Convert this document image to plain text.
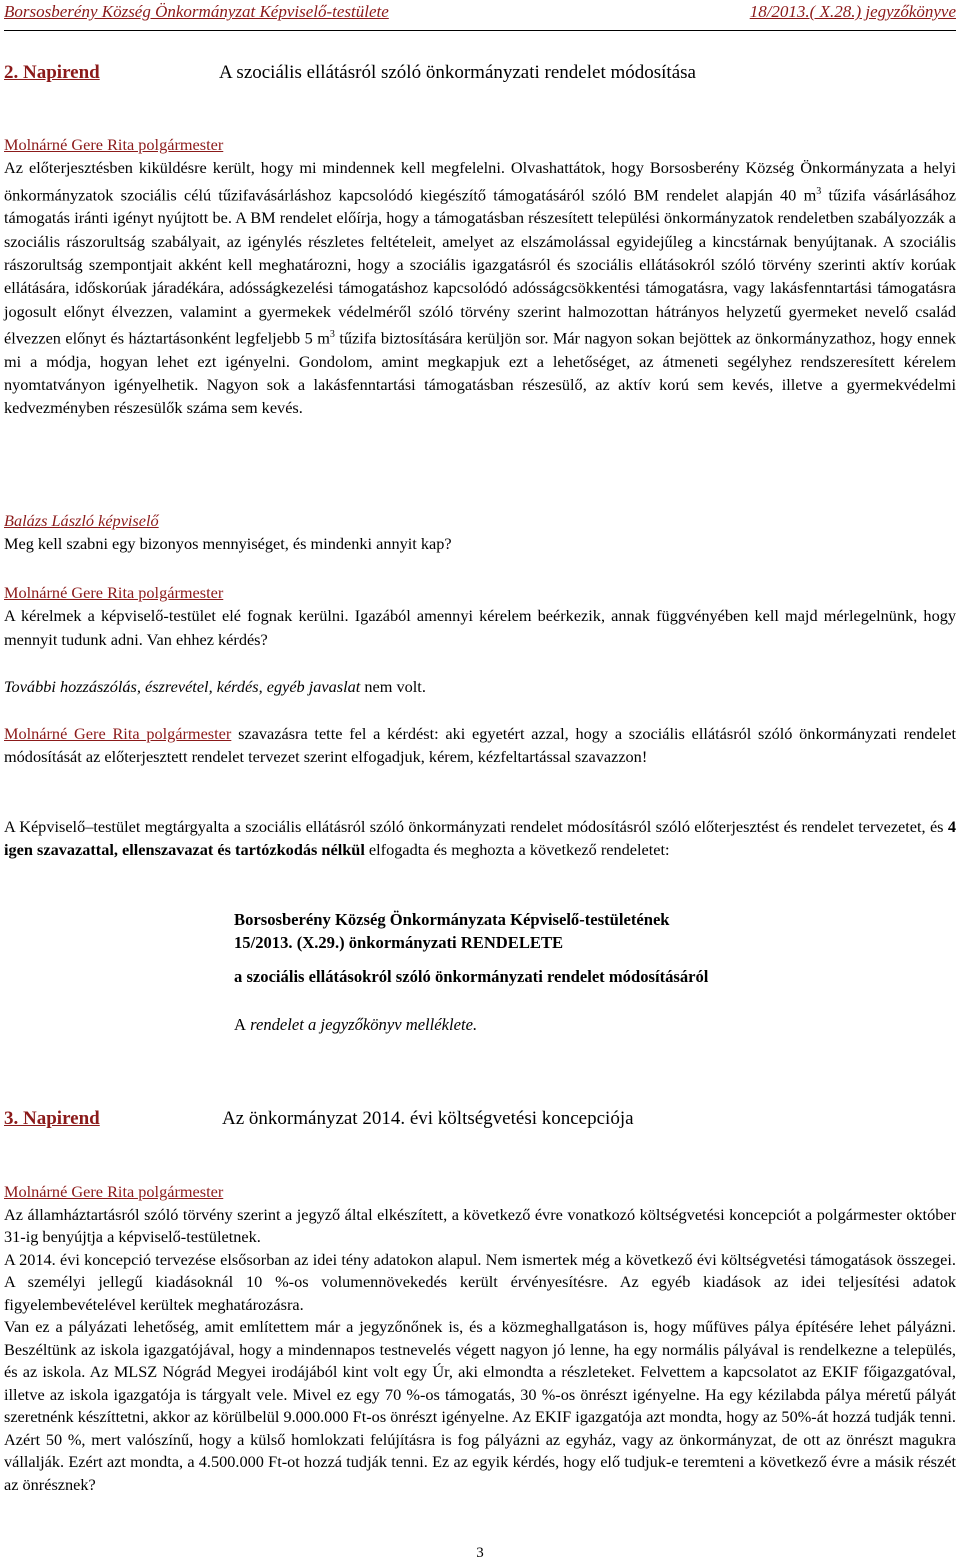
Borsosberény Község Önkormányzat Képviselő-testülete	18/2013.( X.28.) jegyzőkönyve
2. Napirend	A szociális ellátásról szóló önkormányzati rendelet módosítása

Molnárné Gere Rita polgármester

Az előterjesztésben kiküldésre került, hogy mi mindennek kell megfelelni. Olvashattátok, hogy Borsosberény Község Önkormányzata a helyi önkormányzatok szociális célú tűzifavásárláshoz kapcsolódó kiegészítő támogatásáról szóló BM rendelet alapján 40 $m^3$ tűzifa vásárlásához támogatás iránti igényt nyújtott be. A BM rendelet előírja, hogy a támogatásban részesített települési önkormányzatok rendeletben szabályozzák a szociális rászorultság szabályait, az igénylés részletes feltételeit, amelyet az elszámolással egyidejűleg a kincstárnak benyújtanak. A szociális rászorultság szempontjait akként kell meghatározni, hogy a szociális igazgatásról és szociális ellátásokról szóló törvény szerinti aktív korúak ellátására, időskorúak járadékára, adósságkezelési támogatáshoz kapcsolódó adósságcsökkentési támogatásra, vagy lakásfenntartási támogatásra jogosult előnyt élvezzen, valamint a gyermekek védelméről szóló törvény szerint halmozottan hátrányos helyzetű gyermeket nevelő család élvezzen előnyt és háztartásonként legfeljebb 5 $m^3$ tűzifa biztosítására kerüljön sor. Már nagyon sokan bejöttek az önkormányzathoz, hogy ennek mi a módja, hogyan lehet ezt igényelni. Gondolom, amint megkapjuk ezt a lehetőséget, az átmeneti segélyhez rendszeresített kérelem nyomtatványon igényelhetik. Nagyon sok a lakásfenntartási támogatásban részesülő, az aktív korú sem kevés, illetve a gyermekvédelmi kedvezményben részesülők száma sem kevés.

Balázs László képviselő

Meg kell szabni egy bizonyos mennyiséget, és mindenki annyit kap?

Molnárné Gere Rita polgármester

A kérelmek a képviselő-testület elé fognak kerülni. Igazából amennyi kérelem beérkezik, annak függvényében kell majd mérlegelnünk, hogy mennyit tudunk adni. Van ehhez kérdés?

További hozzászólás, észrevétel, kérdés, egyéb javaslat nem volt.

Molnárné Gere Rita polgármester szavazásra tette fel a kérdést: aki egyetért azzal, hogy a szociális ellátásról szóló önkormányzati rendelet módosítását az előterjesztett rendelet tervezet szerint elfogadjuk, kérem, kézfeltartással szavazzon!

A Képviselő–testület megtárgyalta a szociális ellátásról szóló önkormányzati rendelet módosításról szóló előterjesztést és rendelet tervezetet, és 4 igen szavazattal, ellenszavazat és tartózkodás nélkül elfogadta és meghozta a következő rendeletet:

Borsosberény Község Önkormányzata Képviselő-testületének

15/2013. (X.29.) önkormányzati RENDELETE

a szociális ellátásokról szóló önkormányzati rendelet módosításáról

A rendelet a jegyzőkönyv melléklete.

3. Napirend	Az önkormányzat 2014. évi költségvetési koncepciója

Molnárné Gere Rita polgármester

Az államháztartásról szóló törvény szerint a jegyző által elkészített, a következő évre vonatkozó költségvetési koncepciót a polgármester október 31-ig benyújtja a képviselő-testületnek.

A 2014. évi koncepció tervezése elsősorban az idei tény adatokon alapul. Nem ismertek még a következő évi költségvetési támogatások összegei. A személyi jellegű kiadásoknál 10 %-os volumennövekedés került érvényesítésre. Az egyéb kiadások az idei teljesítési adatok figyelembevételével kerültek meghatározásra.

Van ez a pályázati lehetőség, amit említettem már a jegyzőnőnek is, és a közmeghallgatáson is, hogy műfüves pálya építésére lehet pályázni. Beszéltünk az iskola igazgatójával, hogy a mindennapos testnevelés végett nagyon jó lenne, ha egy normális pályával is rendelkezne a település, és az iskola. Az MLSZ Nógrád Megyei irodájából kint volt egy Úr, aki elmondta a részleteket. Felvettem a kapcsolatot az EKIF főigazgatóval, illetve az iskola igazgatója is tárgyalt vele. Mivel ez egy 70 %-os támogatás, 30 %-os önrészt igényelne. Ha egy kézilabda pálya méretű pályát szeretnénk készíttetni, akkor az körülbelül 9.000.000 Ft-os önrészt igényelne. Az EKIF igazgatója azt mondta, hogy az 50%-át hozzá tudják tenni. Azért 50 %, mert valószínű, hogy a külső homlokzati felújításra is fog pályázni az egyház, vagy az önkormányzat, de ott az önrészt magukra vállalják. Ezért azt mondta, a 4.500.000 Ft-ot hozzá tudják tenni. Ez az egyik kérdés, hogy elő tudjuk-e teremteni a következő évre a másik részét az önrésznek?

3
